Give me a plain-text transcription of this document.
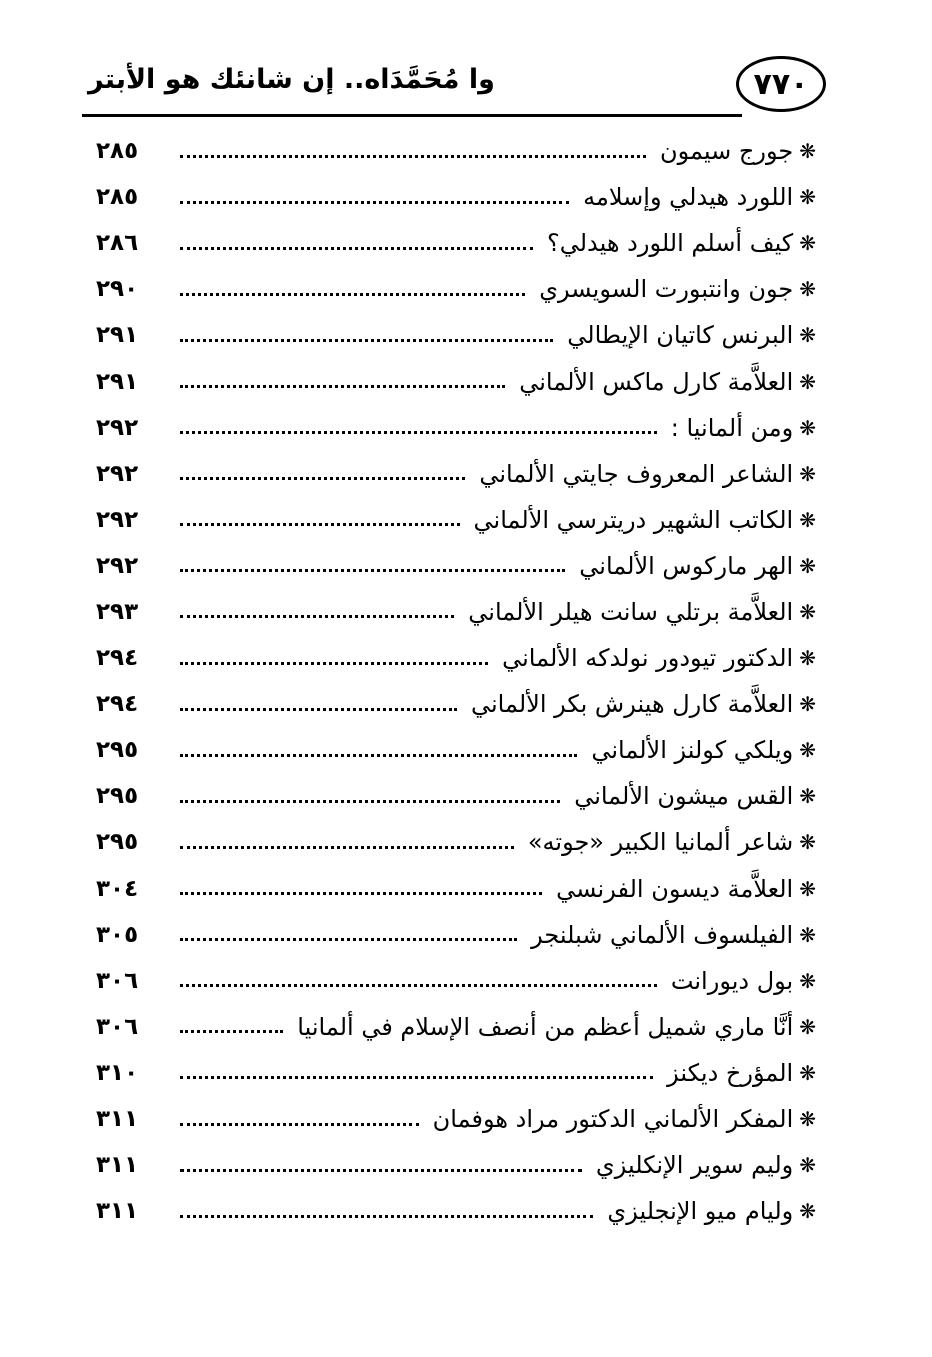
وا مُحَمَّدَاه.. إن شانئك هو الأبتر	٧٧٠
❋
جورج سيمون
٢٨٥
❋
اللورد هيدلي وإسلامه
٢٨٥
❋
كيف أسلم اللورد هيدلي؟
٢٨٦
❋
جون وانتبورت السويسري
٢٩٠
❋
البرنس كاتيان الإيطالي
٢٩١
❋
العلاَّمة كارل ماكس الألماني
٢٩١
❋
ومن ألمانيا :
٢٩٢
❋
الشاعر المعروف جايتي الألماني
٢٩٢
❋
الكاتب الشهير دريترسي الألماني
٢٩٢
❋
الهر ماركوس الألماني
٢٩٢
❋
العلاَّمة برتلي سانت هيلر الألماني
٢٩٣
❋
الدكتور تيودور نولدكه الألماني
٢٩٤
❋
العلاَّمة كارل هينرش بكر الألماني
٢٩٤
❋
ويلكي كولنز الألماني
٢٩٥
❋
القس ميشون الألماني
٢٩٥
❋
شاعر ألمانيا الكبير «جوته»
٢٩٥
❋
العلاَّمة ديسون الفرنسي
٣٠٤
❋
الفيلسوف الألماني شبلنجر
٣٠٥
❋
بول ديورانت
٣٠٦
❋
أنَّا ماري شميل أعظم من أنصف الإسلام في ألمانيا
٣٠٦
❋
المؤرخ ديكنز
٣١٠
❋
المفكر الألماني الدكتور مراد هوفمان
٣١١
❋
وليم سوير الإنكليزي
٣١١
❋
وليام ميو الإنجليزي
٣١١
